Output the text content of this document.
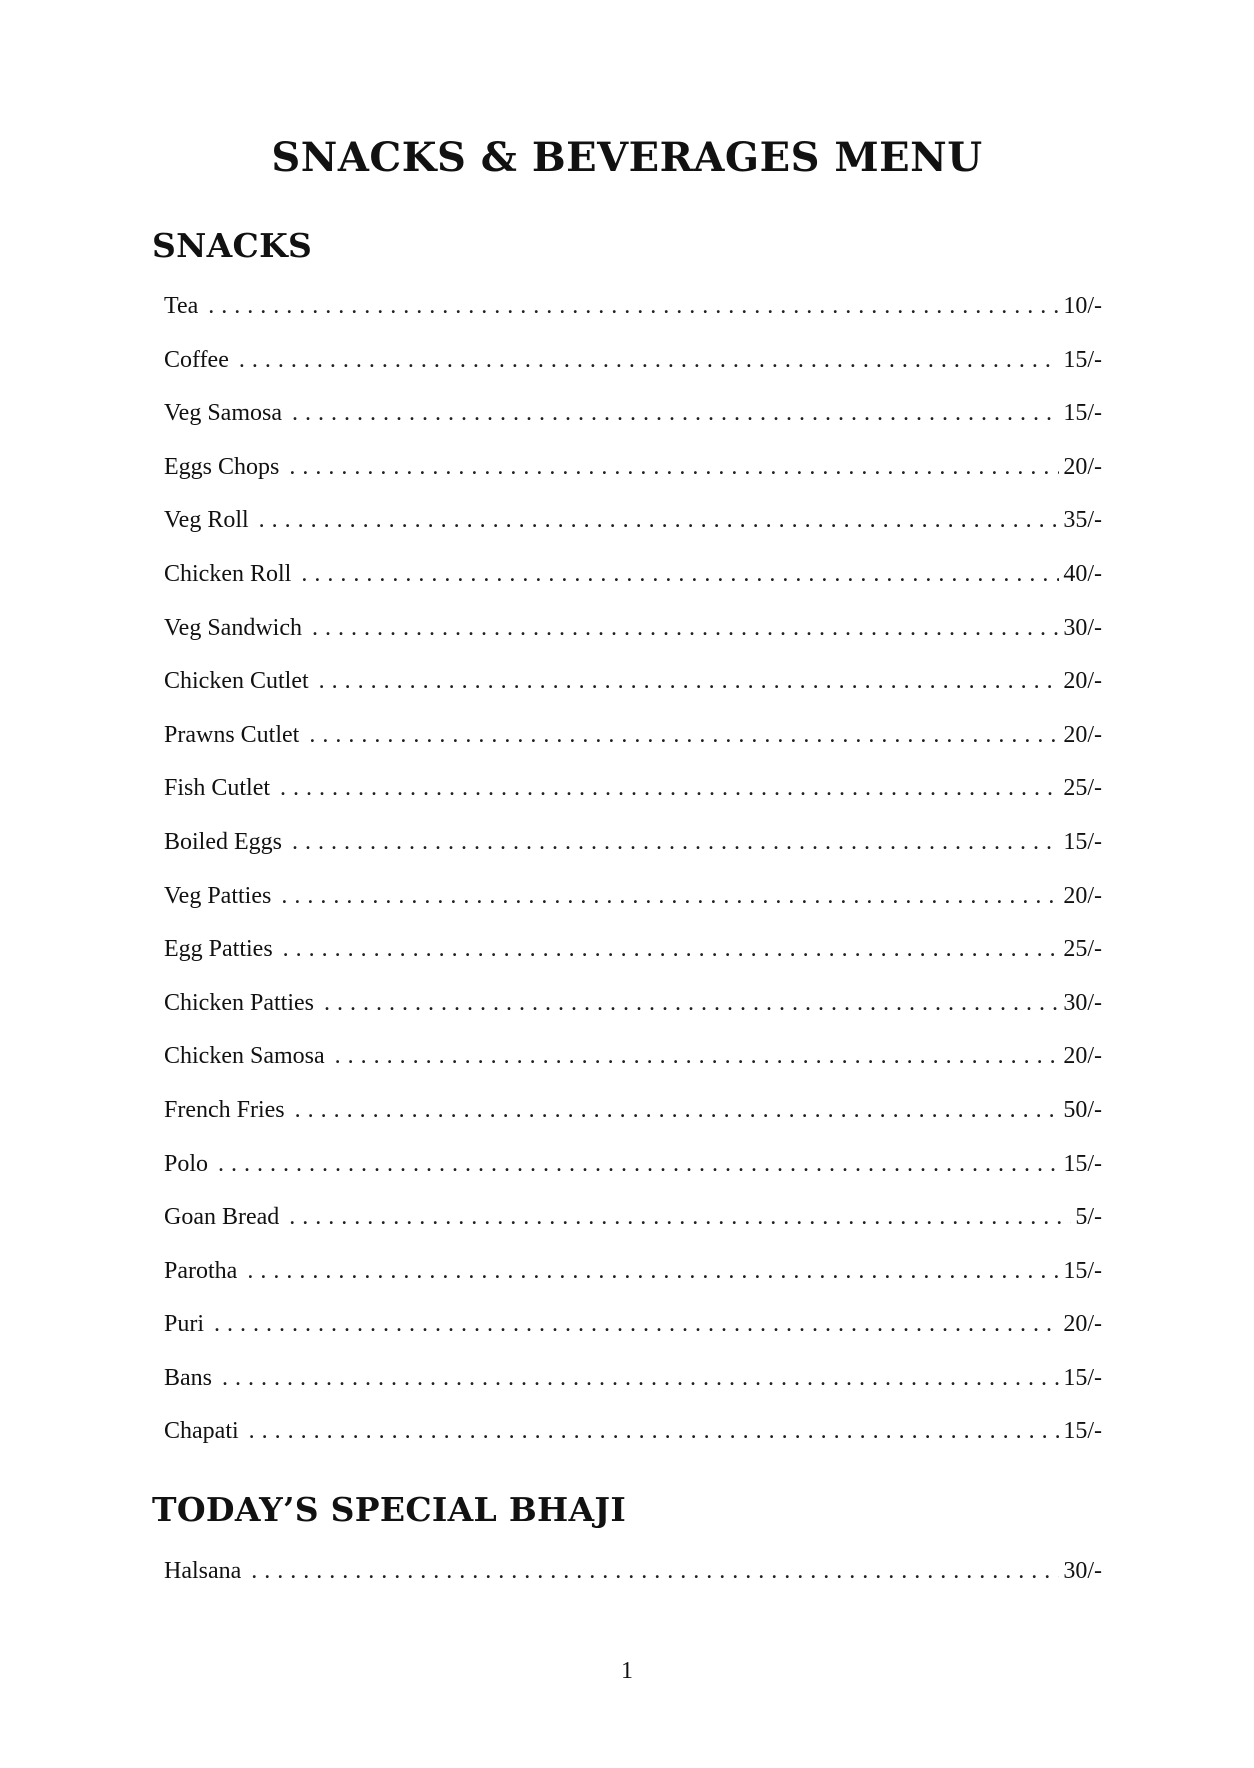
SNACKS & BEVERAGES MENU
SNACKS
Tea . . .	10/-
Coffee . . .	15/-
Veg Samosa . . .	15/-
Eggs Chops . . .	20/-
Veg Roll . . .	35/-
Chicken Roll . . .	40/-
Veg Sandwich . . .	30/-
Chicken Cutlet . . .	20/-
Prawns Cutlet . . .	20/-
Fish Cutlet . . .	25/-
Boiled Eggs . . .	15/-
Veg Patties . . .	20/-
Egg Patties . . .	25/-
Chicken Patties . . .	30/-
Chicken Samosa . . .	20/-
French Fries . . .	50/-
Polo . . .	15/-
Goan Bread . . .	5/-
Parotha . . .	15/-
Puri . . .	20/-
Bans . . .	15/-
Chapati . . .	15/-
TODAY’S SPECIAL BHAJI
Halsana . . .	30/-
1
